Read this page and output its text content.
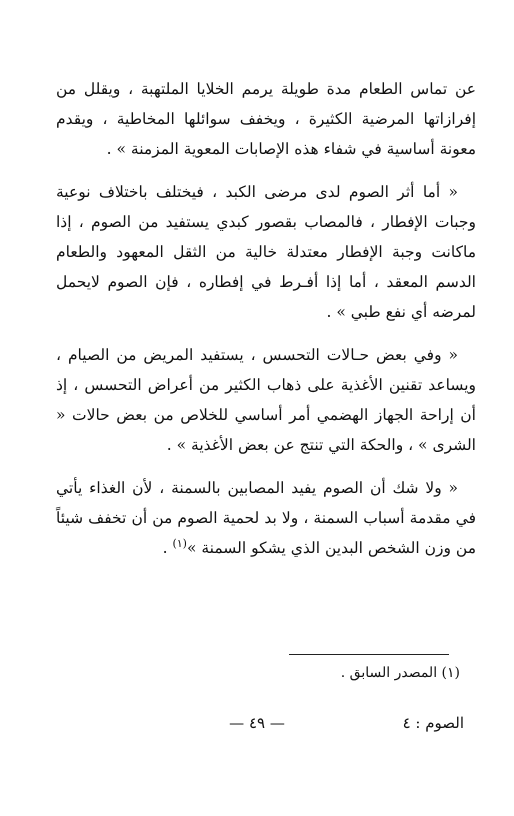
عن تماس الطعام مدة طويلة يرمم الخلايا الملتهبة ، ويقلل من إفرازاتها المرضية الكثيرة ، ويخفف سوائلها المخاطية ، ويقدم معونة أساسية في شفاء هذه الإصابات المعوية المزمنة » .

« أما أثر الصوم لدى مرضى الكبد ، فيختلف باختلاف نوعية وجبات الإفطار ، فالمصاب بقصور كبدي يستفيد من الصوم ، إذا ماكانت وجبة الإفطار معتدلة خالية من الثقل المعهود والطعام الدسم المعقد ، أما إذا أفـرط في إفطاره ، فإن الصوم لايحمل لمرضه أي نفع طبي » .

« وفي بعض حـالات التحسس ، يستفيد المريض من الصيام ، ويساعد تقنين الأغذية على ذهاب الكثير من أعراض التحسس ، إذ أن إراحة الجهاز الهضمي أمر أساسي للخلاص من بعض حالات « الشرى » ، والحكة التي تنتج عن بعض الأغذية » .

« ولا شك أن الصوم يفيد المصابين بالسمنة ، لأن الغذاء يأتي في مقدمة أسباب السمنة ، ولا بد لحمية الصوم من أن تخفف شيئاً من وزن الشخص البدين الذي يشكو السمنة »$^{(١)}$ .

(١) المصدر السابق .
الصوم : ٤
— ٤٩ —
